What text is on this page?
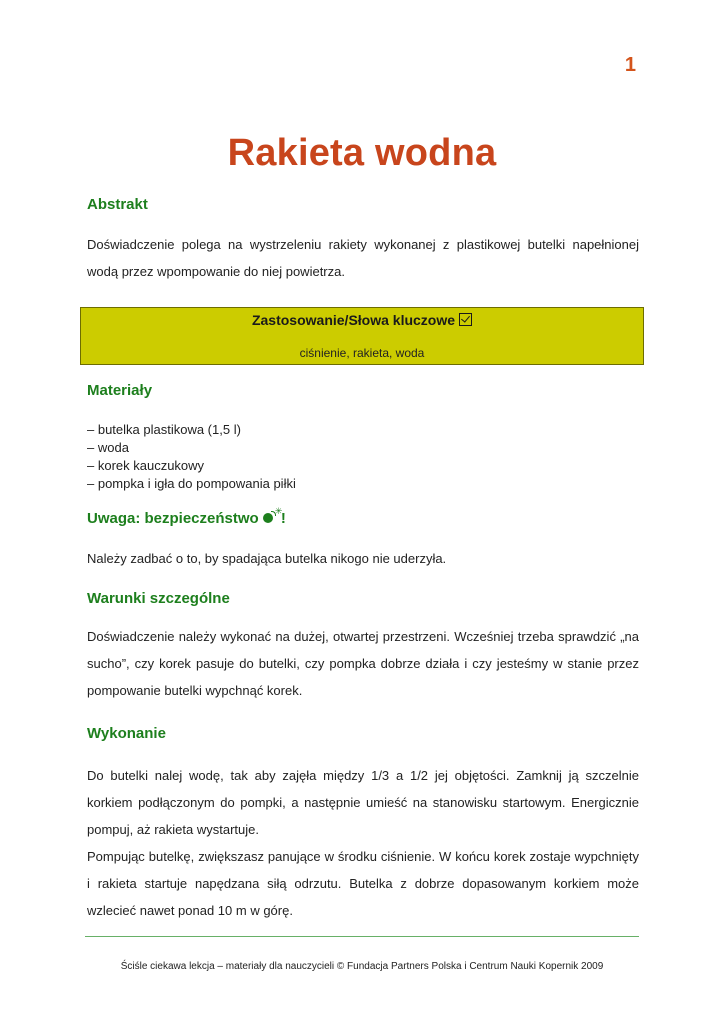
1
Rakieta wodna
Abstrakt

Doświadczenie polega na wystrzeleniu rakiety wykonanej z plastikowej butelki napełnionej wodą przez wpompowanie do niej powietrza.

Zastosowanie/Słowa kluczowe
ciśnienie, rakieta, woda
Materiały
– butelka plastikowa (1,5 l)
– woda
– korek kauczukowy
– pompka i igła do pompowania piłki
Uwaga: bezpieczeństwo ✳
!

Należy zadbać o to, by spadająca butelka nikogo nie uderzyła.

Warunki szczególne

Doświadczenie należy wykonać na dużej, otwartej przestrzeni. Wcześniej trzeba sprawdzić „na sucho”, czy korek pasuje do butelki, czy pompka dobrze działa i czy jesteśmy w stanie przez pompowanie butelki wypchnąć korek.

Wykonanie

Do butelki nalej wodę, tak aby zajęła między 1/3 a 1/2 jej objętości. Zamknij ją szczelnie korkiem podłączonym do pompki, a następnie umieść na stanowisku startowym. Energicznie pompuj, aż rakieta wystartuje.

Pompując butelkę, zwiększasz panujące w środku ciśnienie. W końcu korek zostaje wypchnięty i rakieta startuje napędzana siłą odrzutu. Butelka z dobrze dopasowanym korkiem może wzlecieć nawet ponad 10 m w górę.

Ściśle ciekawa lekcja – materiały dla nauczycieli © Fundacja Partners Polska i Centrum Nauki Kopernik 2009
